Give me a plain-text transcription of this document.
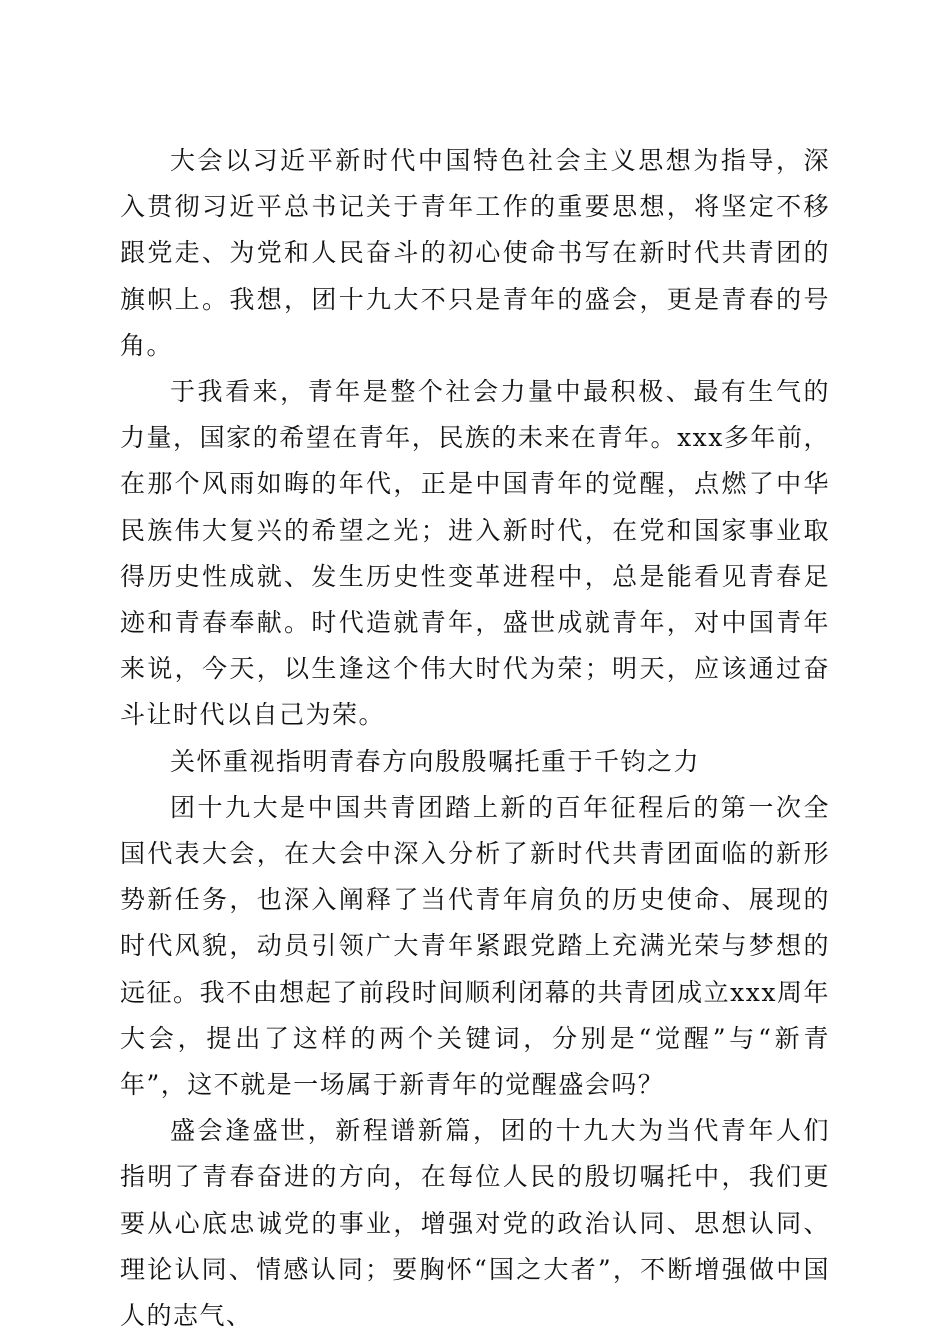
大会以习近平新时代中国特色社会主义思想为指导，深入贯彻习近平总书记关于青年工作的重要思想，将坚定不移跟党走、为党和人民奋斗的初心使命书写在新时代共青团的旗帜上。我想，团十九大不只是青年的盛会，更是青春的号角。

于我看来，青年是整个社会力量中最积极、最有生气的力量，国家的希望在青年，民族的未来在青年。xxx多年前，在那个风雨如晦的年代，正是中国青年的觉醒，点燃了中华民族伟大复兴的希望之光；进入新时代，在党和国家事业取得历史性成就、发生历史性变革进程中，总是能看见青春足迹和青春奉献。时代造就青年，盛世成就青年，对中国青年来说，今天，以生逢这个伟大时代为荣；明天，应该通过奋斗让时代以自己为荣。

关怀重视指明青春方向殷殷嘱托重于千钧之力

团十九大是中国共青团踏上新的百年征程后的第一次全国代表大会，在大会中深入分析了新时代共青团面临的新形势新任务，也深入阐释了当代青年肩负的历史使命、展现的时代风貌，动员引领广大青年紧跟党踏上充满光荣与梦想的远征。我不由想起了前段时间顺利闭幕的共青团成立xxx周年大会，提出了这样的两个关键词，分别是“觉醒”与“新青年”，这不就是一场属于新青年的觉醒盛会吗？

盛会逢盛世，新程谱新篇，团的十九大为当代青年人们指明了青春奋进的方向，在每位人民的殷切嘱托中，我们更要从心底忠诚党的事业，增强对党的政治认同、思想认同、理论认同、情感认同；要胸怀“国之大者”，不断增强做中国人的志气、
